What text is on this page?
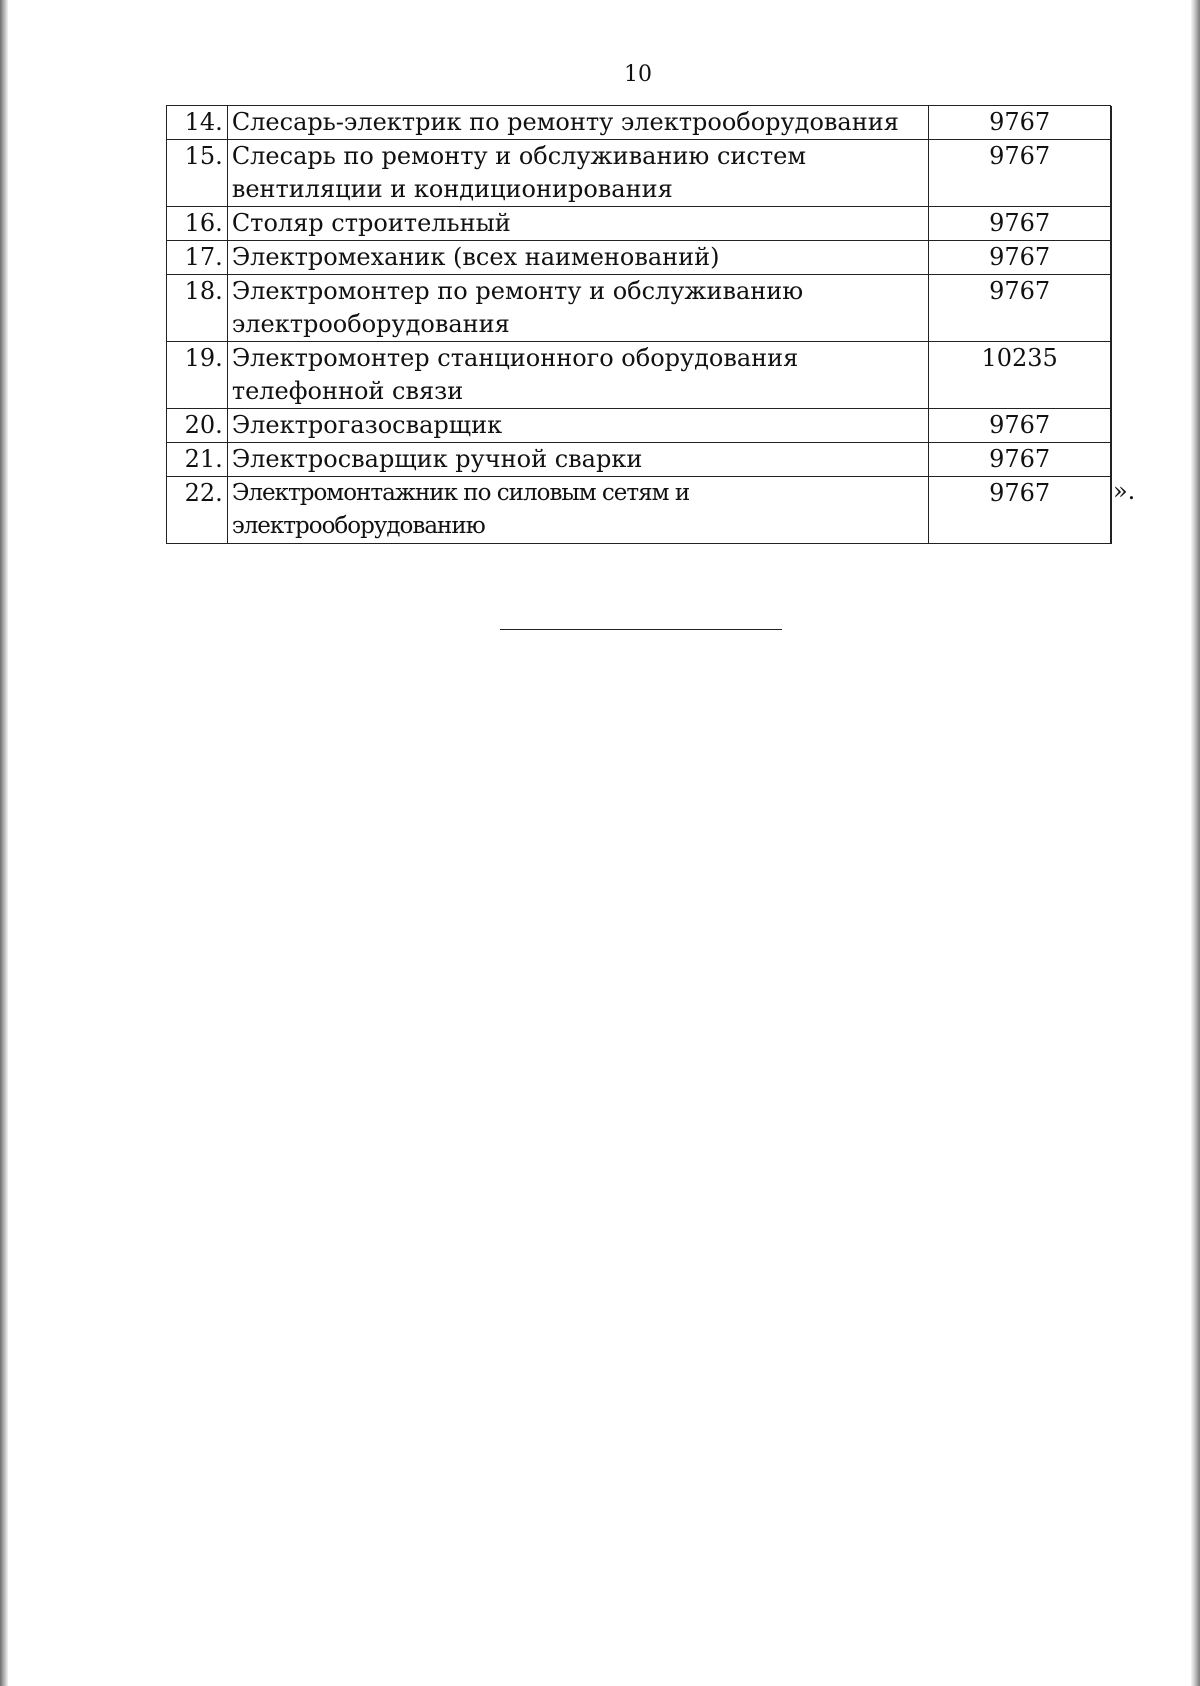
10
14.	Слесарь-электрик по ремонту электрооборудования	9767	
15.	Слесарь по ремонту и обслуживанию систем вентиляции и кондиционирования	9767	
16.	Столяр строительный	9767	
17.	Электромеханик (всех наименований)	9767	
18.	Электромонтер по ремонту и обслуживанию электрооборудования	9767	
19.	Электромонтер станционного оборудования телефонной связи	10235	
20.	Электрогазосварщик	9767	
21.	Электросварщик ручной сварки	9767	
22.	Электромонтажник по силовым сетям и электрооборудованию	9767		».
